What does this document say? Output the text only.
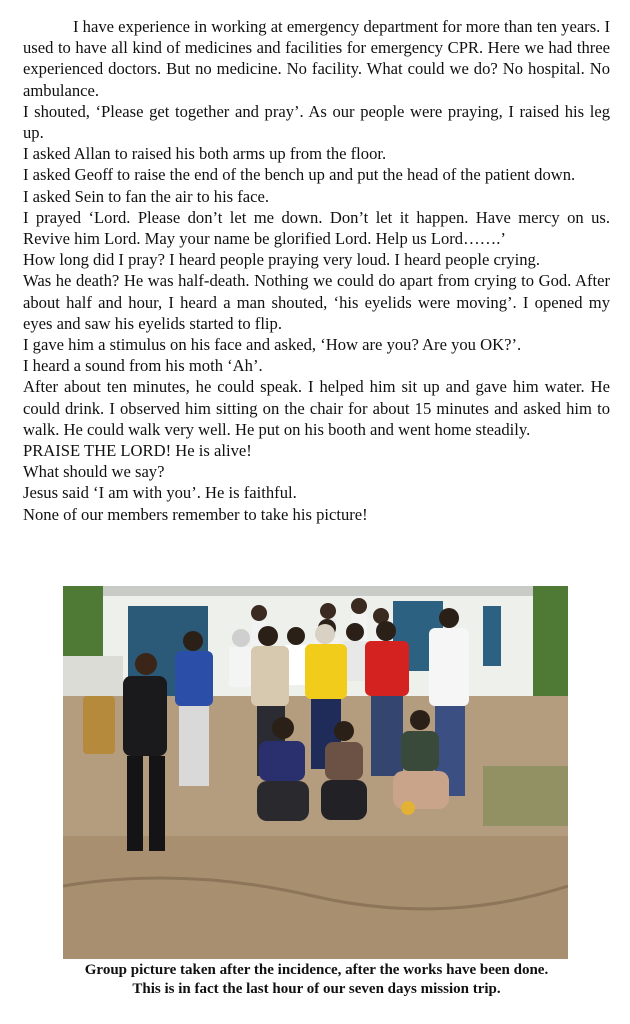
I have experience in working at emergency department for more than ten years. I used to have all kind of medicines and facilities for emergency CPR. Here we had three experienced doctors. But no medicine. No facility. What could we do? No hospital. No ambulance.

I shouted, ‘Please get together and pray’. As our people were praying, I raised his leg up.

I asked Allan to raised his both arms up from the floor.

I asked Geoff to raise the end of the bench up and put the head of the patient down.

I asked Sein to fan the air to his face.

I prayed ‘Lord. Please don’t let me down. Don’t let it happen. Have mercy on us. Revive him Lord. May your name be glorified Lord. Help us Lord…….’

How long did I pray? I heard people praying very loud. I heard people crying.

Was he death? He was half-death. Nothing we could do apart from crying to God. After about half and hour, I heard a man shouted, ‘his eyelids were moving’. I opened my eyes and saw his eyelids started to flip.

I gave him a stimulus on his face and asked, ‘How are you? Are you OK?’.

I heard a sound from his moth ‘Ah’.

After about ten minutes, he could speak. I helped him sit up and gave him water. He could drink. I observed him sitting on the chair for about 15 minutes and asked him to walk. He could walk very well. He put on his booth and went home steadily.

PRAISE THE LORD! He is alive!

What should we say?

Jesus said ‘I am with you’. He is faithful.

None of our members remember to take his picture!

Group picture taken after the incidence, after the works have been done.
This is in fact the last hour of our seven days mission trip.
